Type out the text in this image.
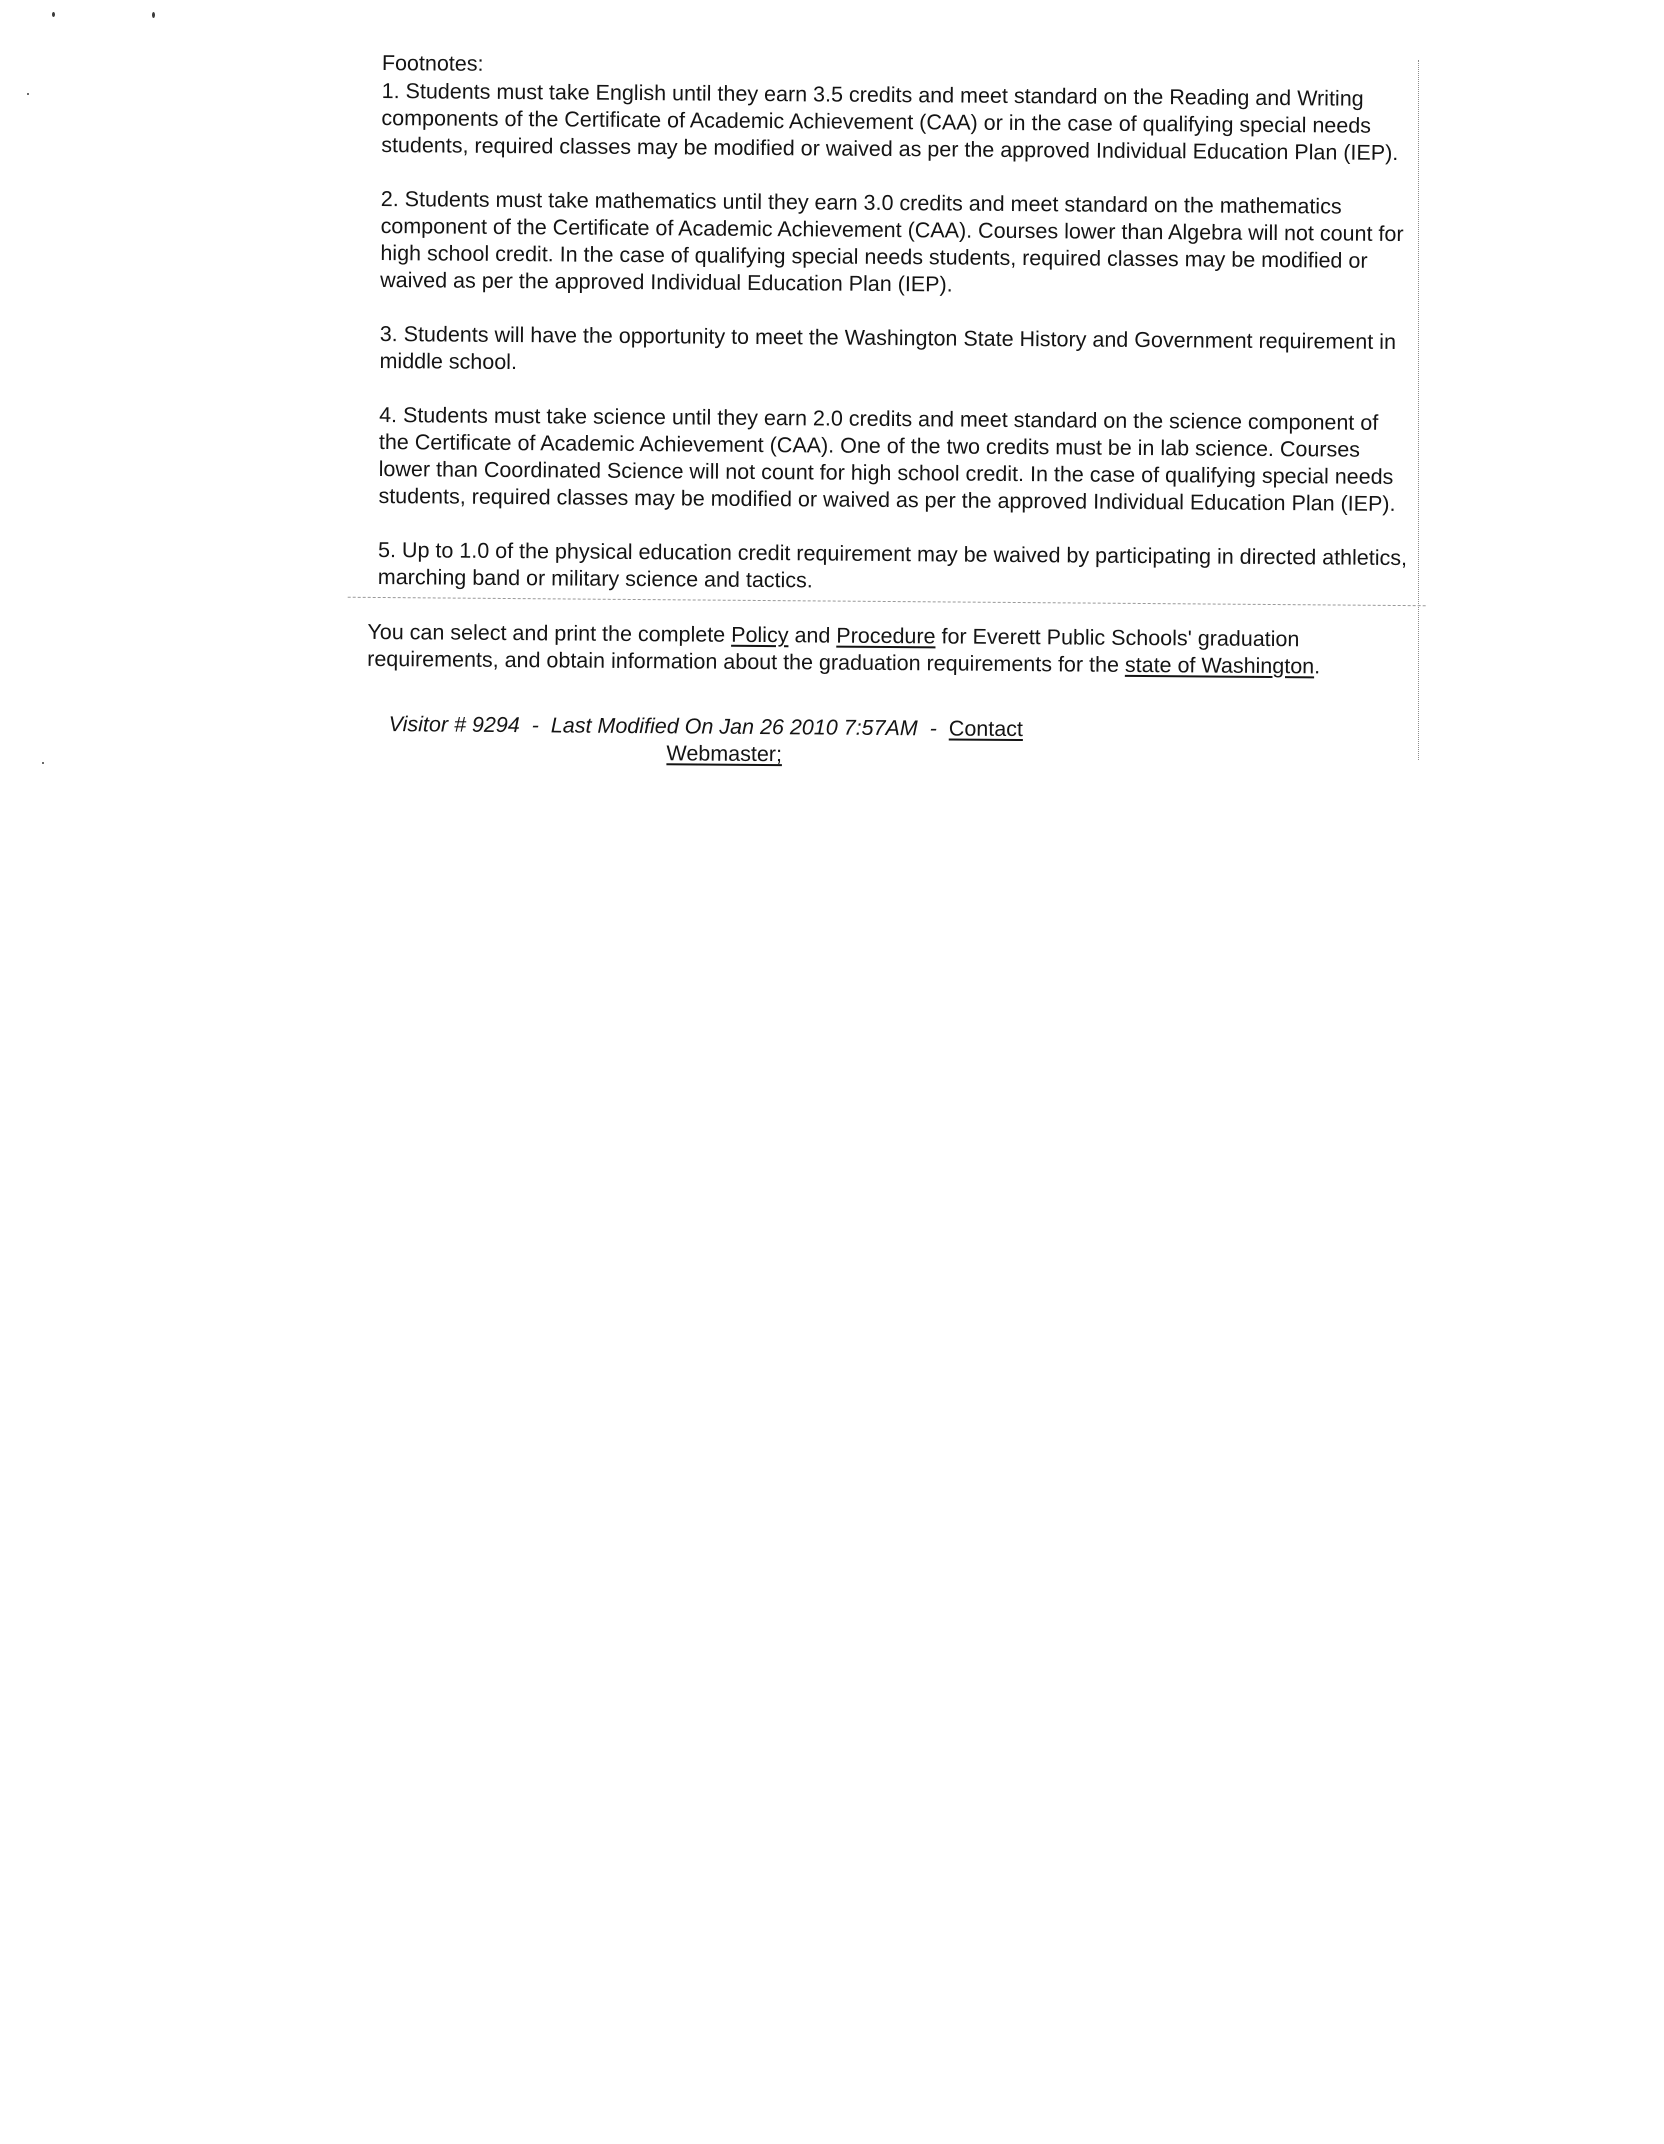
Footnotes:

1. Students must take English until they earn 3.5 credits and meet standard on the Reading and Writing components of the Certificate of Academic Achievement (CAA) or in the case of qualifying special needs students, required classes may be modified or waived as per the approved Individual Education Plan (IEP).

2. Students must take mathematics until they earn 3.0 credits and meet standard on the mathematics component of the Certificate of Academic Achievement (CAA). Courses lower than Algebra will not count for high school credit. In the case of qualifying special needs students, required classes may be modified or waived as per the approved Individual Education Plan (IEP).

3. Students will have the opportunity to meet the Washington State History and Government requirement in middle school.

4. Students must take science until they earn 2.0 credits and meet standard on the science component of the Certificate of Academic Achievement (CAA). One of the two credits must be in lab science. Courses lower than Coordinated Science will not count for high school credit. In the case of qualifying special needs students, required classes may be modified or waived as per the approved Individual Education Plan (IEP).

5. Up to 1.0 of the physical education credit requirement may be waived by participating in directed athletics, marching band or military science and tactics.

You can select and print the complete Policy and Procedure for Everett Public Schools' graduation requirements, and obtain information about the graduation requirements for the state of Washington.

Visitor # 9294  -  Last Modified On Jan 26 2010 7:57AM  -  Contact
Webmaster;
